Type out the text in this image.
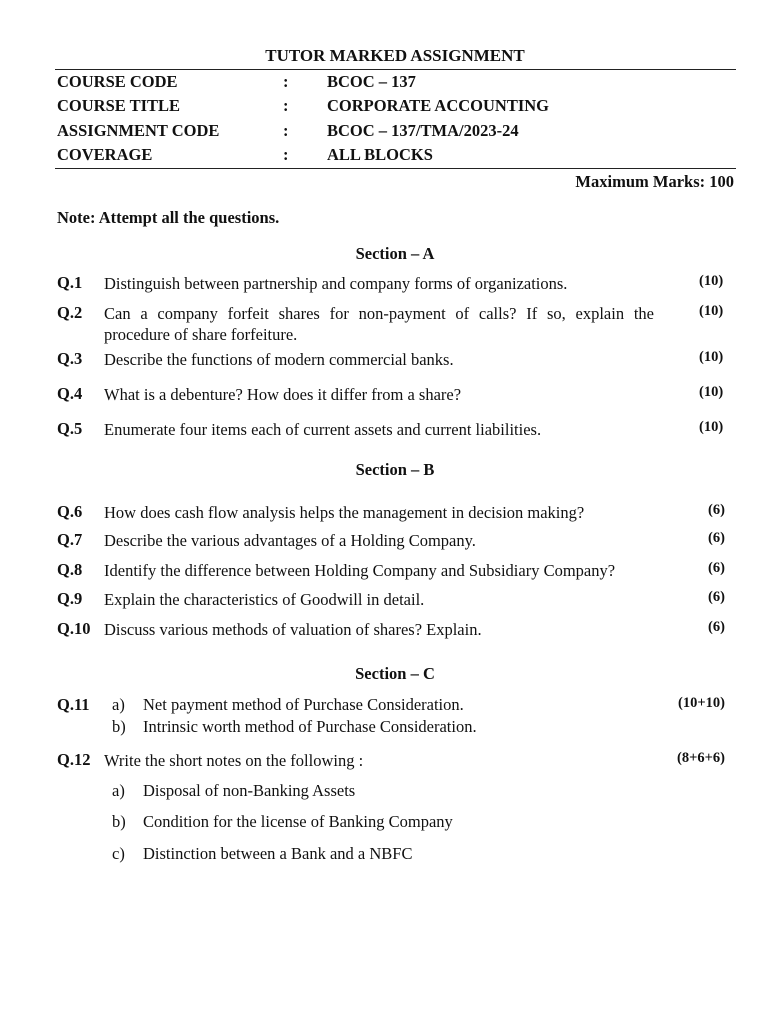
TUTOR MARKED ASSIGNMENT
COURSE CODE	: BCOC – 137
COURSE TITLE	: CORPORATE ACCOUNTING
ASSIGNMENT CODE	: BCOC – 137/TMA/2023-24
COVERAGE	: ALL BLOCKS
Maximum Marks: 100
Note: Attempt all the questions.
Section – A
Q.1 Distinguish between partnership and company forms of organizations.	(10)
Q.2 Can a company forfeit shares for non-payment of calls? If so, explain the procedure of share forfeiture.
(10)
Q.3 Describe the functions of modern commercial banks.	(10)
Q.4 What is a debenture? How does it differ from a share?	(10)
Q.5 Enumerate four items each of current assets and current liabilities.	(10)
Section – B
Q.6 How does cash flow analysis helps the management in decision making?	(6)
Q.7 Describe the various advantages of a Holding Company.	(6)
Q.8 Identify the difference between Holding Company and Subsidiary Company?	(6)
Q.9 Explain the characteristics of Goodwill in detail.	(6)
Q.10 Discuss various methods of valuation of shares? Explain.	(6)
Section – C
Q.11	(10+10)
a) Net payment method of Purchase Consideration.
b) Intrinsic worth method of Purchase Consideration.
Q.12 Write the short notes on the following :	(8+6+6)
a) Disposal of non-Banking Assets
b) Condition for the license of Banking Company
c) Distinction between a Bank and a NBFC
